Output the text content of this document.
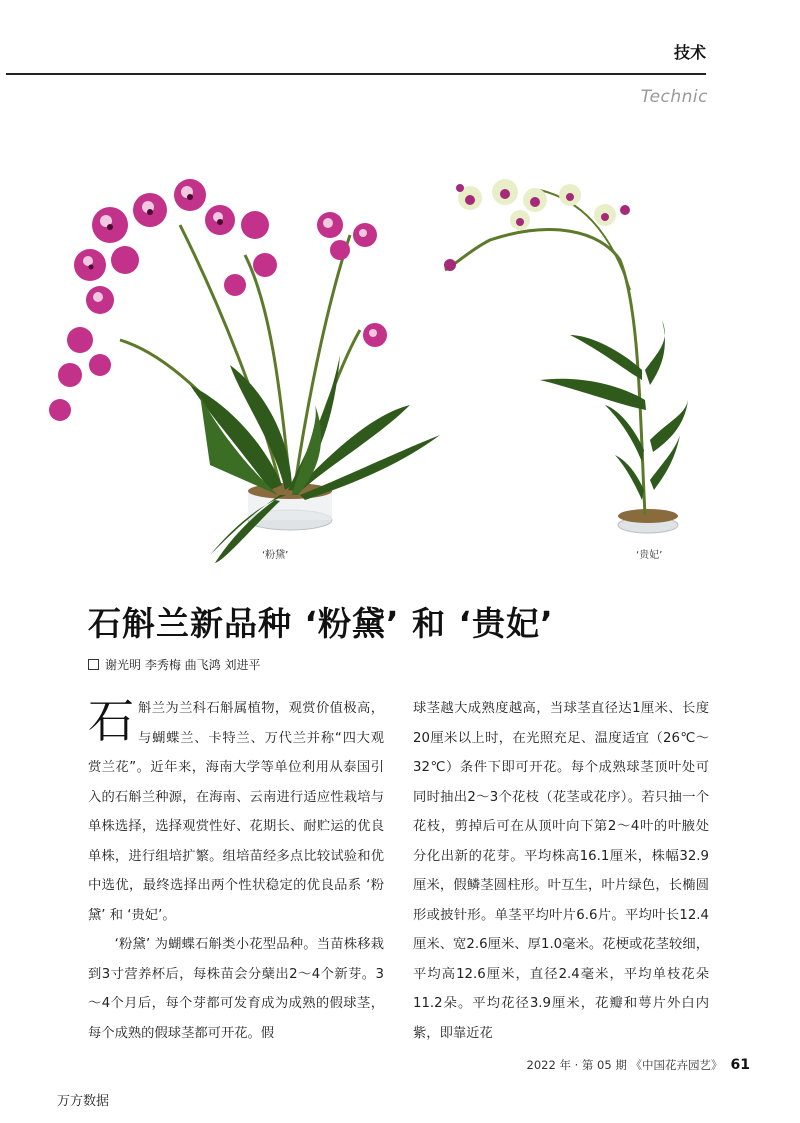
技术
Technic
‘粉黛’	‘贵妃’
石斛兰新品种 ‘粉黛’ 和 ‘贵妃’
谢光明 李秀梅 曲飞鸿 刘进平

石斛兰为兰科石斛属植物，观赏价值极高，与蝴蝶兰、卡特兰、万代兰并称“四大观赏兰花”。近年来，海南大学等单位利用从泰国引入的石斛兰种源，在海南、云南进行适应性栽培与单株选择，选择观赏性好、花期长、耐贮运的优良单株，进行组培扩繁。组培苗经多点比较试验和优中选优，最终选择出两个性状稳定的优良品系 ‘粉黛’ 和 ‘贵妃’。

‘粉黛’ 为蝴蝶石斛类小花型品种。当苗株移栽到3寸营养杯后，每株苗会分蘖出2～4个新芽。3～4个月后，每个芽都可发育成为成熟的假球茎，每个成熟的假球茎都可开花。假

球茎越大成熟度越高，当球茎直径达1厘米、长度20厘米以上时，在光照充足、温度适宜（26℃～32℃）条件下即可开花。每个成熟球茎顶叶处可同时抽出2～3个花枝（花茎或花序）。若只抽一个花枝，剪掉后可在从顶叶向下第2～4叶的叶腋处分化出新的花芽。平均株高16.1厘米，株幅32.9厘米，假鳞茎圆柱形。叶互生，叶片绿色，长椭圆形或披针形。单茎平均叶片6.6片。平均叶长12.4厘米、宽2.6厘米、厚1.0毫米。花梗或花茎较细，平均高12.6厘米，直径2.4毫米，平均单枝花朵11.2朵。平均花径3.9厘米，花瓣和萼片外白内紫，即靠近花

2022 年 · 第 05 期 《中国花卉园艺》 61
万方数据
